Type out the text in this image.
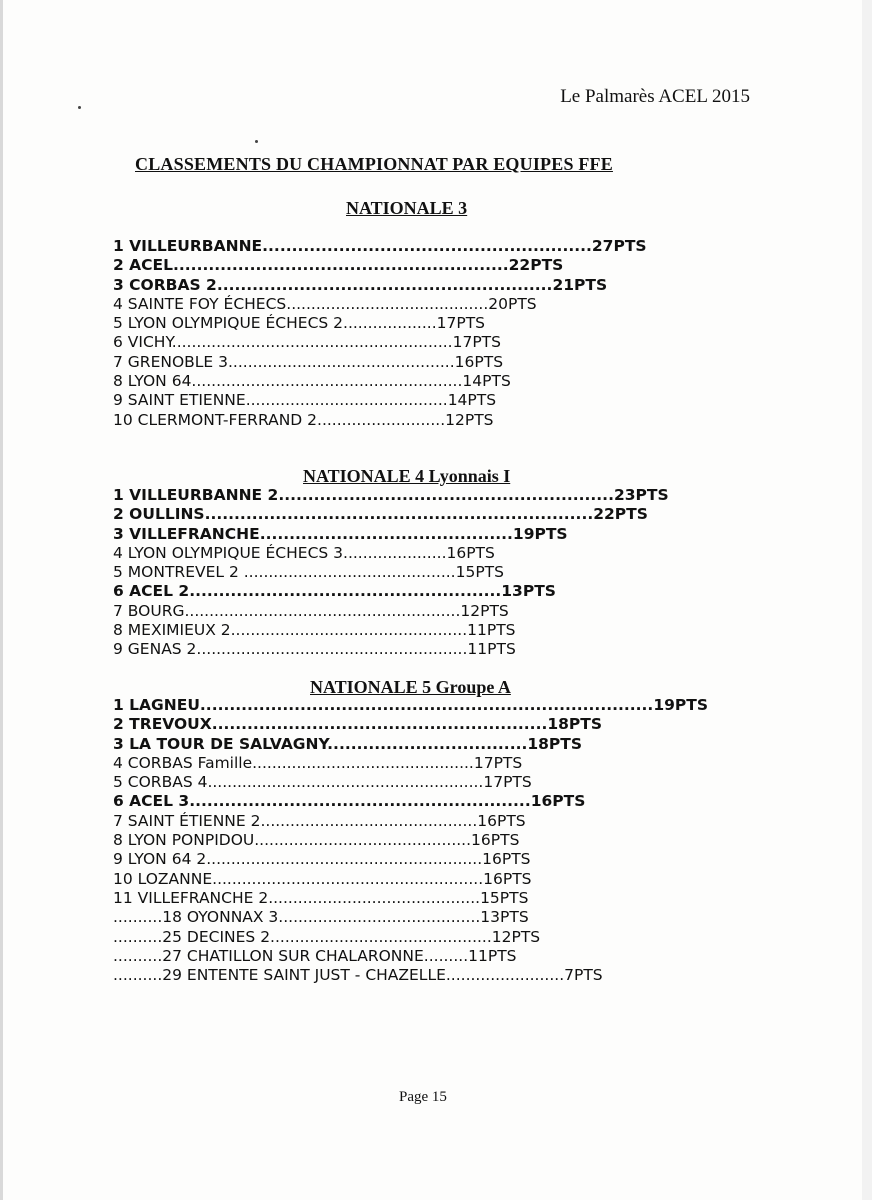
Le Palmarès ACEL 2015
CLASSEMENTS DU CHAMPIONNAT PAR EQUIPES FFE
NATIONALE 3
1 VILLEURBANNE........................................................27PTS
2 ACEL.........................................................22PTS
3 CORBAS 2.........................................................21PTS
4 SAINTE FOY ÉCHECS.........................................20PTS
5 LYON OLYMPIQUE ÉCHECS 2...................17PTS
6 VICHY.........................................................17PTS
7 GRENOBLE 3..............................................16PTS
8 LYON 64.......................................................14PTS
9 SAINT ETIENNE.........................................14PTS
10 CLERMONT-FERRAND 2..........................12PTS
NATIONALE 4 Lyonnais I
1 VILLEURBANNE 2.........................................................23PTS
2 OULLINS..................................................................22PTS
3 VILLEFRANCHE...........................................19PTS
4 LYON OLYMPIQUE ÉCHECS 3.....................16PTS
5 MONTREVEL 2 ...........................................15PTS
6 ACEL 2.....................................................13PTS
7 BOURG........................................................12PTS
8 MEXIMIEUX 2................................................11PTS
9 GENAS 2.......................................................11PTS
NATIONALE 5 Groupe A
1 LAGNEU.............................................................................19PTS
2 TREVOUX.........................................................18PTS
3 LA TOUR DE SALVAGNY..................................18PTS
4 CORBAS Famille.............................................17PTS
5 CORBAS 4........................................................17PTS
6 ACEL 3..........................................................16PTS
7 SAINT ÉTIENNE 2............................................16PTS
8 LYON PONPIDOU............................................16PTS
9 LYON 64 2........................................................16PTS
10 LOZANNE.......................................................16PTS
11 VILLEFRANCHE 2...........................................15PTS
..........18 OYONNAX 3.........................................13PTS
..........25 DECINES 2.............................................12PTS
..........27 CHATILLON SUR CHALARONNE.........11PTS
..........29 ENTENTE SAINT JUST - CHAZELLE........................7PTS
Page 15
